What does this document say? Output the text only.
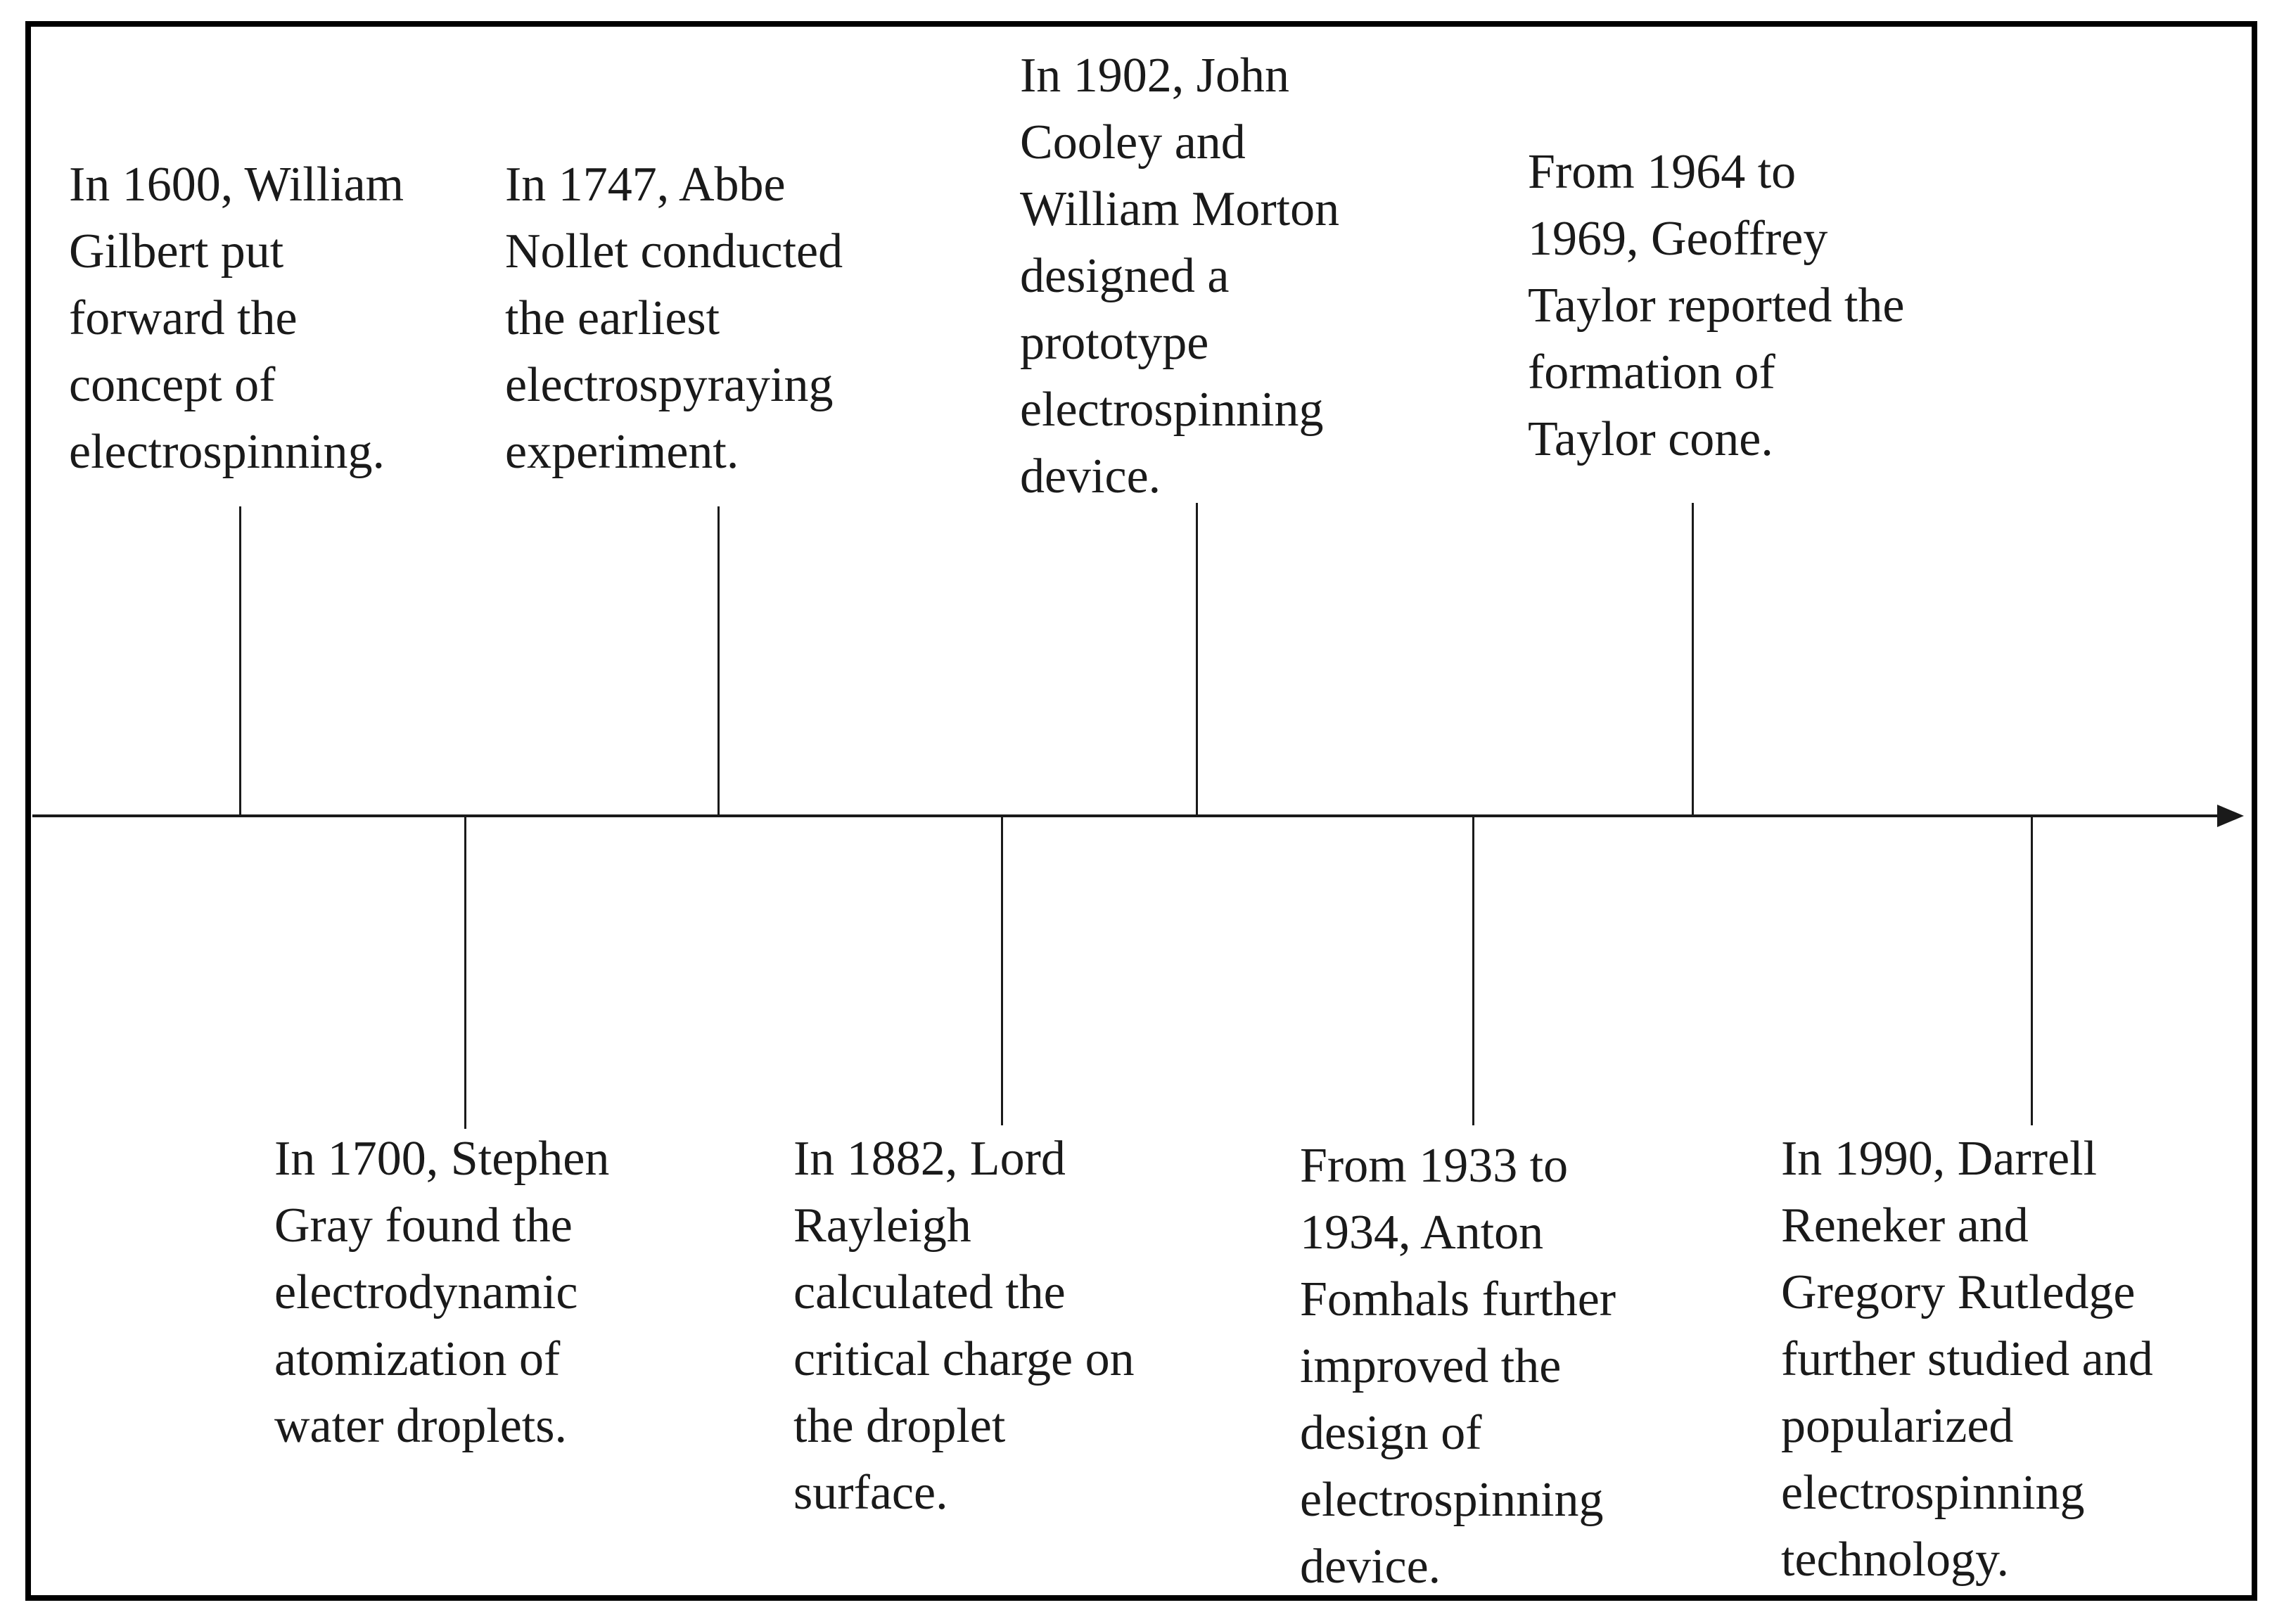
In 1600, William
Gilbert put
forward the
concept of
electrospinning.

In 1747, Abbe
Nollet conducted
the earliest
electrospyraying
experiment.

In 1902, John
Cooley and
William Morton
designed a
prototype
electrospinning
device.

From 1964 to
1969, Geoffrey
Taylor reported the
formation of
Taylor cone.

In 1700, Stephen
Gray found the
electrodynamic
atomization of
water droplets.

In 1882, Lord
Rayleigh
calculated the
critical charge on
the droplet
surface.

From 1933 to
1934, Anton
Fomhals further
improved the
design of
electrospinning
device.

In 1990, Darrell
Reneker and
Gregory Rutledge
further studied and
popularized
electrospinning
technology.
